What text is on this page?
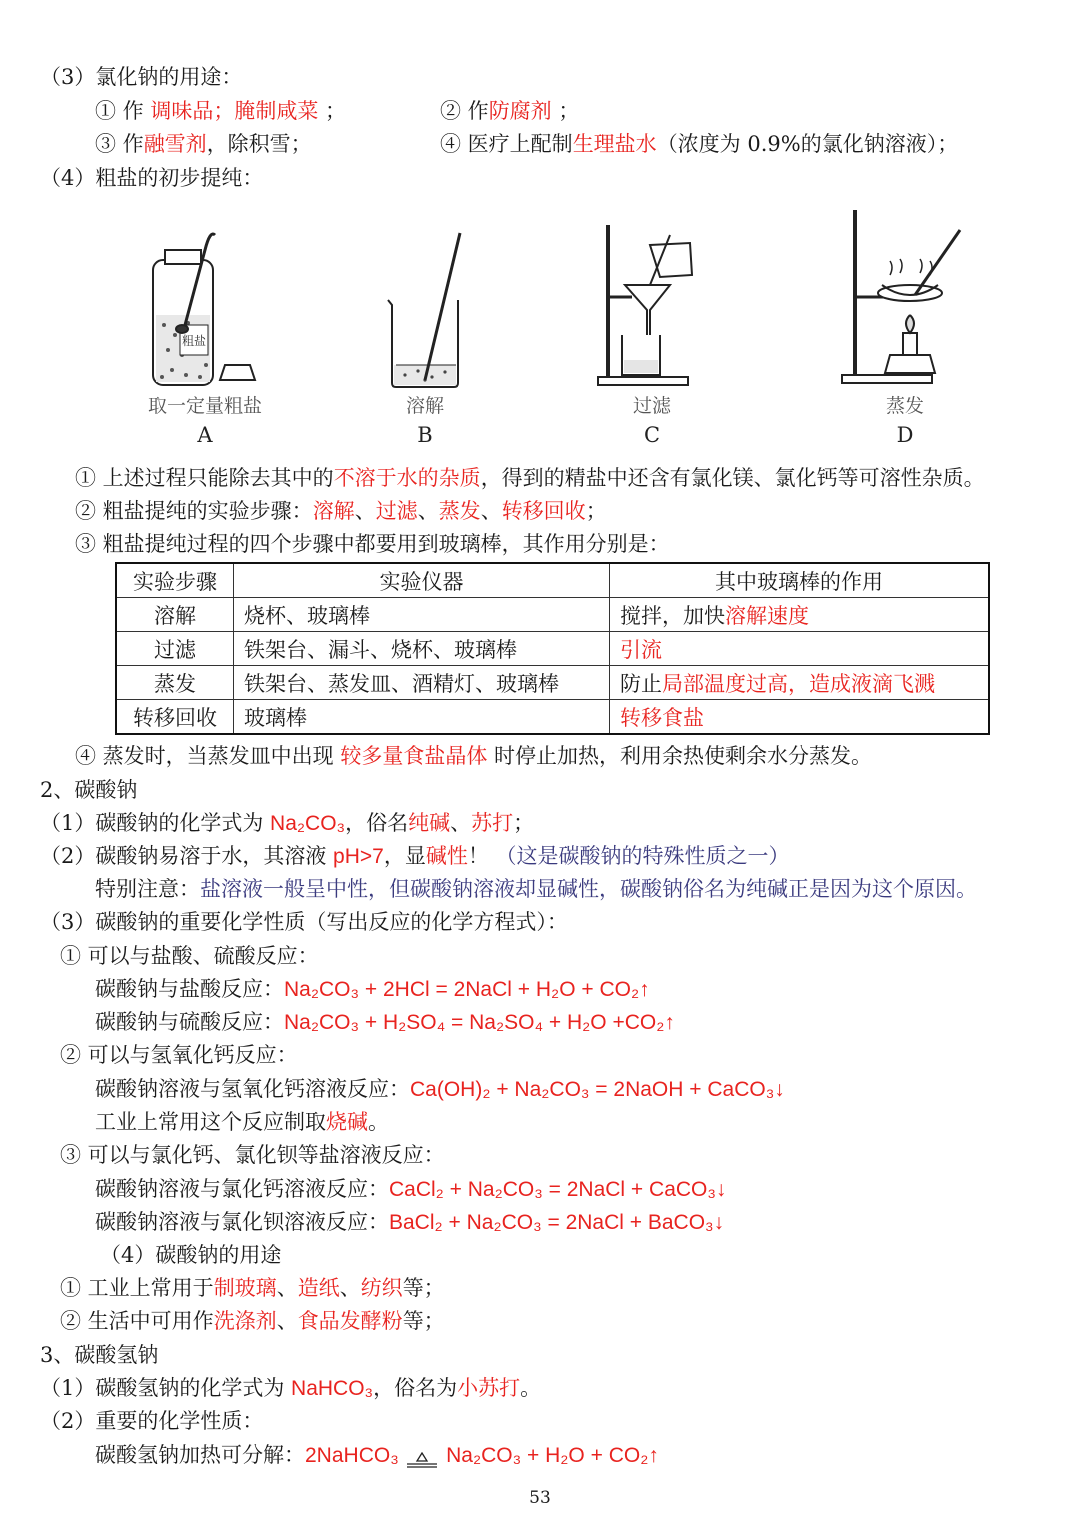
（3）氯化钠的用途：
① 作 调味品；腌制咸菜 ；	② 作防腐剂 ；
③ 作融雪剂，除积雪；	④ 医疗上配制生理盐水（浓度为 0.9%的氯化钠溶液）；
（4）粗盐的初步提纯：
粗盐
取一定量粗盐	溶解	过滤	蒸发
A	B	C	D
① 上述过程只能除去其中的不溶于水的杂质，得到的精盐中还含有氯化镁、氯化钙等可溶性杂质。
② 粗盐提纯的实验步骤：溶解、过滤、蒸发、转移回收；
③ 粗盐提纯过程的四个步骤中都要用到玻璃棒，其作用分别是：
实验步骤	实验仪器	其中玻璃棒的作用
溶解	烧杯、玻璃棒	搅拌，加快溶解速度
过滤	铁架台、漏斗、烧杯、玻璃棒	引流
蒸发	铁架台、蒸发皿、酒精灯、玻璃棒	防止局部温度过高，造成液滴飞溅
转移回收	玻璃棒	转移食盐
④ 蒸发时，当蒸发皿中出现 较多量食盐晶体 时停止加热，利用余热使剩余水分蒸发。
2、碳酸钠
（1）碳酸钠的化学式为 Na₂CO₃，俗名纯碱、苏打；
（2）碳酸钠易溶于水，其溶液 pH>7，显碱性！ （这是碳酸钠的特殊性质之一）
特别注意：盐溶液一般呈中性，但碳酸钠溶液却显碱性，碳酸钠俗名为纯碱正是因为这个原因。
（3）碳酸钠的重要化学性质（写出反应的化学方程式）：
① 可以与盐酸、硫酸反应：
碳酸钠与盐酸反应：Na₂CO₃ + 2HCl = 2NaCl + H₂O + CO₂↑
碳酸钠与硫酸反应：Na₂CO₃ + H₂SO₄ = Na₂SO₄ + H₂O +CO₂↑
② 可以与氢氧化钙反应：
碳酸钠溶液与氢氧化钙溶液反应：Ca(OH)₂ + Na₂CO₃ = 2NaOH + CaCO₃↓
工业上常用这个反应制取烧碱。
③ 可以与氯化钙、氯化钡等盐溶液反应：
碳酸钠溶液与氯化钙溶液反应：CaCl₂ + Na₂CO₃ = 2NaCl + CaCO₃↓
碳酸钠溶液与氯化钡溶液反应：BaCl₂ + Na₂CO₃ = 2NaCl + BaCO₃↓
（4）碳酸钠的用途
① 工业上常用于制玻璃、造纸、纺织等；
② 生活中可用作洗涤剂、食品发酵粉等；
3、碳酸氢钠
（1）碳酸氢钠的化学式为 NaHCO₃，俗名为小苏打。
（2）重要的化学性质：
碳酸氢钠加热可分解：2NaHCO₃ Na₂CO₃ + H₂O + CO₂↑
53
